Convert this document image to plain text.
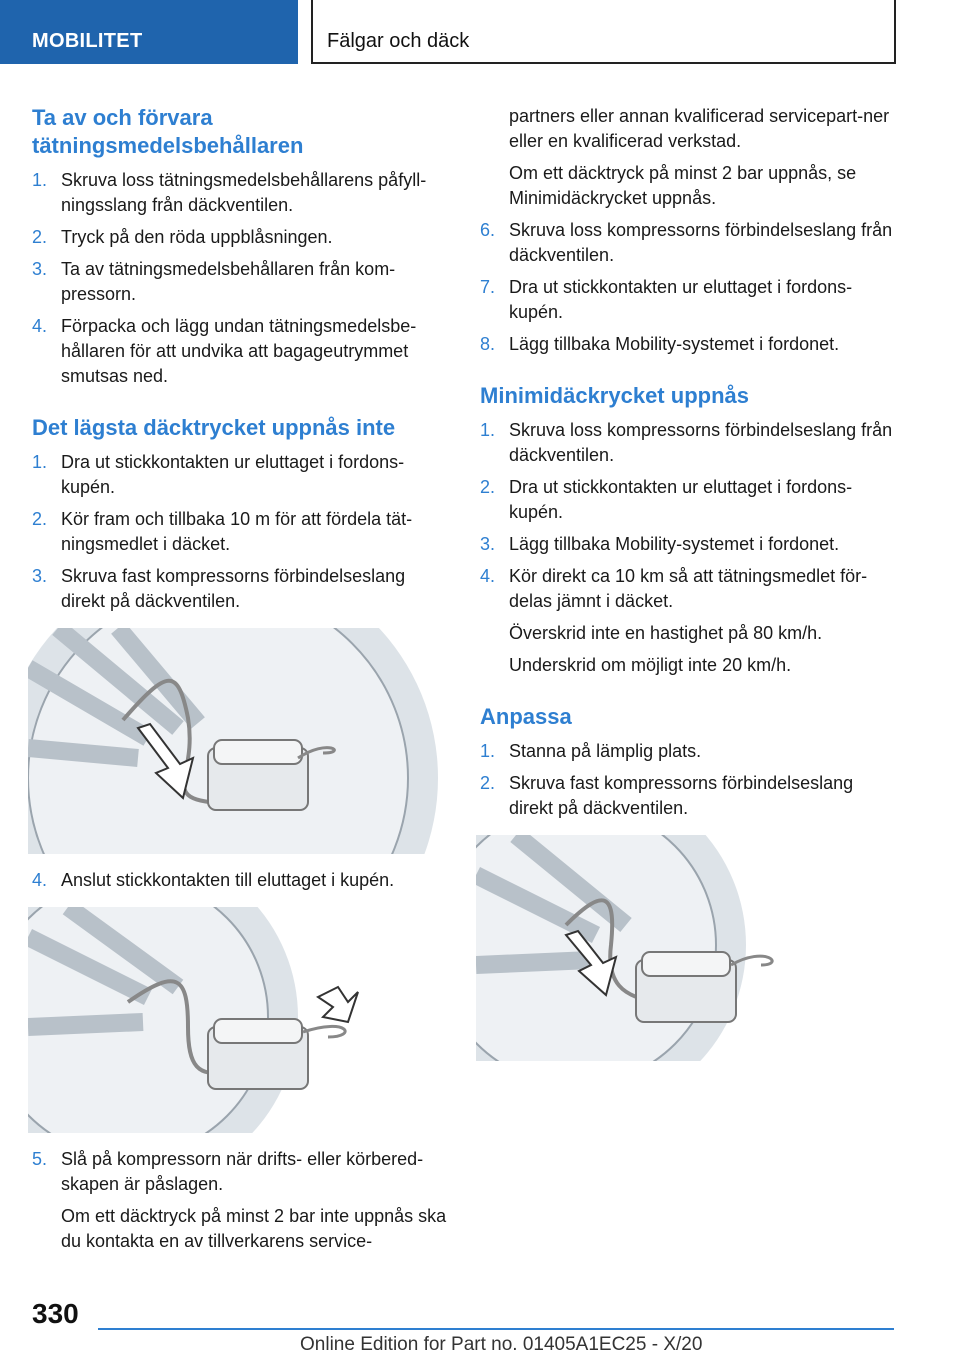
MOBILITET	Fälgar och däck
Ta av och förvara tätningsmedelsbehållaren
1. Skruva loss tätningsmedelsbehållarens påfyll‐ningsslang från däckventilen.
2. Tryck på den röda uppblåsningen.
3. Ta av tätningsmedelsbehållaren från kom‐pressorn.
4. Förpacka och lägg undan tätningsmedelsbe‐hållaren för att undvika att bagageutrymmet smutsas ned.
Det lägsta däcktrycket uppnås inte
1. Dra ut stickkontakten ur eluttaget i fordons‐kupén.
2. Kör fram och tillbaka 10 m för att fördela tät‐ningsmedlet i däcket.
3. Skruva fast kompressorns förbindelseslang direkt på däckventilen.
4. Anslut stickkontakten till eluttaget i kupén.
5. Slå på kompressorn när drifts- eller körbered‐skapen är påslagen.

Om ett däcktryck på minst 2 bar inte uppnås ska du kontakta en av tillverkarens service‐

partners eller annan kvalificerad servicepart‐ner eller en kvalificerad verkstad.

Om ett däcktryck på minst 2 bar uppnås, se Minimidäckrycket uppnås.

6. Skruva loss kompressorns förbindelseslang från däckventilen.
7. Dra ut stickkontakten ur eluttaget i fordons‐kupén.
8. Lägg tillbaka Mobility-systemet i fordonet.
Minimidäckrycket uppnås
1. Skruva loss kompressorns förbindelseslang från däckventilen.
2. Dra ut stickkontakten ur eluttaget i fordons‐kupén.
3. Lägg tillbaka Mobility-systemet i fordonet.
4. Kör direkt ca 10 km så att tätningsmedlet för‐delas jämnt i däcket.

Överskrid inte en hastighet på 80 km/h.

Underskrid om möjligt inte 20 km/h.

Anpassa
1. Stanna på lämplig plats.
2. Skruva fast kompressorns förbindelseslang direkt på däckventilen.
330
Online Edition for Part no. 01405A1EC25 - X/20
